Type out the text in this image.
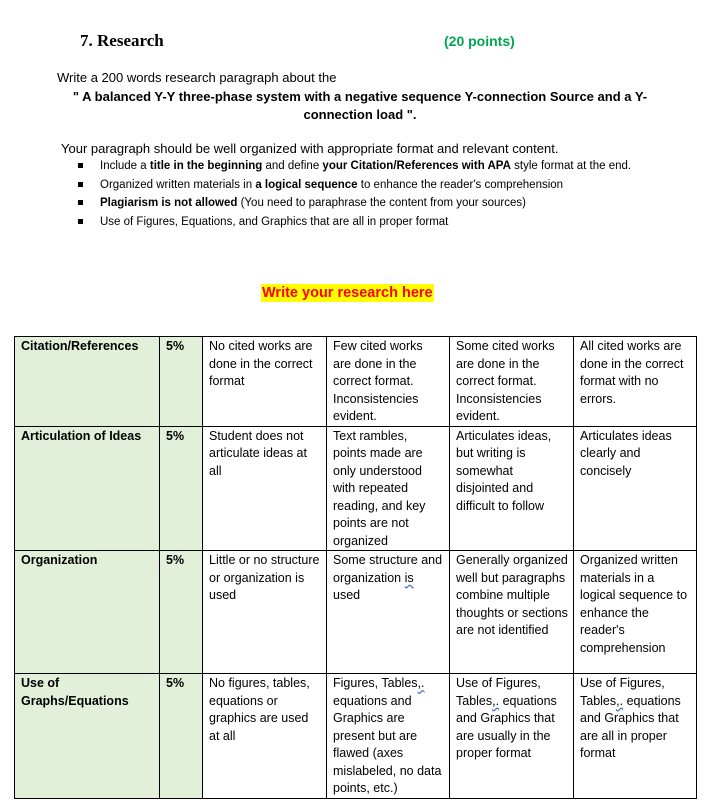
7. Research	(20 points)
Write a 200 words research paragraph about the
" A balanced Y-Y three-phase system with a negative sequence Y-connection Source and a Y-
connection load ".
Your paragraph should be well organized with appropriate format and relevant content.
Include a title in the beginning and define your Citation/References with APA style format at the end.
Organized written materials in a logical sequence to enhance the reader's comprehension
Plagiarism is not allowed (You need to paraphrase the content from your sources)
Use of Figures, Equations, and Graphics that are all in proper format
Write your research here
Citation/References	5%	No cited works are done in the correct format	Few cited works are done in the correct format. Inconsistencies evident.	Some cited works are done in the correct format. Inconsistencies evident.	All cited works are done in the correct format with no errors.
Articulation of Ideas	5%	Student does not articulate ideas at all	Text rambles, points made are only understood with repeated reading, and key points are not organized	Articulates ideas, but writing is somewhat disjointed and difficult to follow	Articulates ideas clearly and concisely
Organization	5%	Little or no structure or organization is used	Some structure and organization is used	Generally organized well but paragraphs combine multiple thoughts or sections are not identified	Organized written materials in a logical sequence to enhance the reader's comprehension
Use of Graphs/Equations	5%	No figures, tables, equations or graphics are used at all	Figures, Tables,. equations and Graphics are present but are flawed (axes mislabeled, no data points, etc.)	Use of Figures, Tables,. equations and Graphics that are usually in the proper format	Use of Figures, Tables,. equations and Graphics that are all in proper format
